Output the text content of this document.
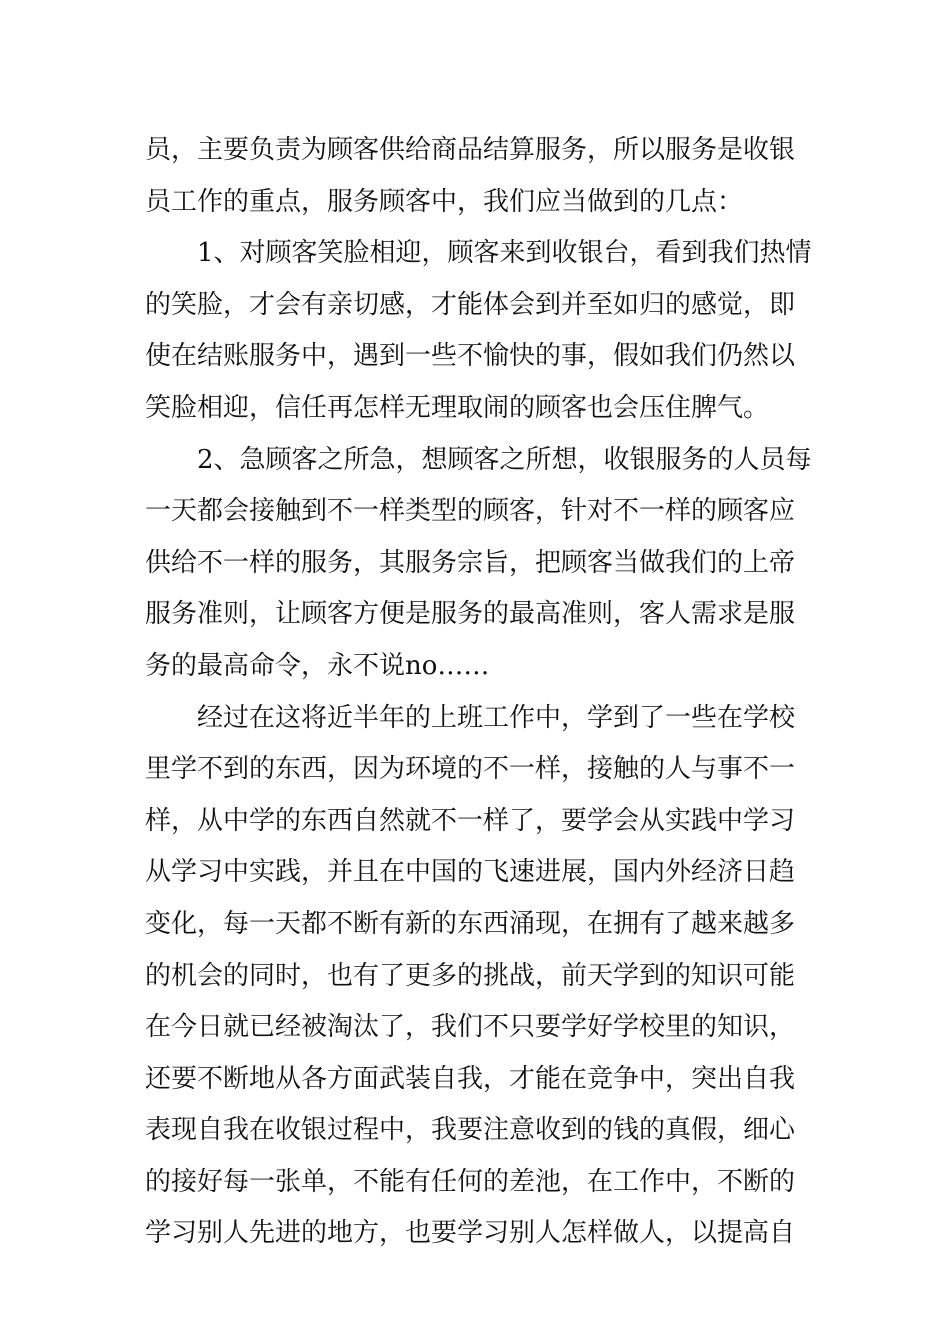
员，主要负责为顾客供给商品结算服务，所以服务是收银
员工作的重点，服务顾客中，我们应当做到的几点：
1、对顾客笑脸相迎，顾客来到收银台，看到我们热情
的笑脸，才会有亲切感，才能体会到并至如归的感觉，即
使在结账服务中，遇到一些不愉快的事，假如我们仍然以
笑脸相迎，信任再怎样无理取闹的顾客也会压住脾气。
2、急顾客之所急，想顾客之所想，收银服务的人员每
一天都会接触到不一样类型的顾客，针对不一样的顾客应
供给不一样的服务，其服务宗旨，把顾客当做我们的上帝
服务准则，让顾客方便是服务的最高准则，客人需求是服
务的最高命令，永不说no……
经过在这将近半年的上班工作中，学到了一些在学校
里学不到的东西，因为环境的不一样，接触的人与事不一
样，从中学的东西自然就不一样了，要学会从实践中学习
从学习中实践，并且在中国的飞速进展，国内外经济日趋
变化，每一天都不断有新的东西涌现，在拥有了越来越多
的机会的同时，也有了更多的挑战，前天学到的知识可能
在今日就已经被淘汰了，我们不只要学好学校里的知识，
还要不断地从各方面武装自我，才能在竞争中，突出自我
表现自我在收银过程中，我要注意收到的钱的真假，细心
的接好每一张单，不能有任何的差池，在工作中，不断的
学习别人先进的地方，也要学习别人怎样做人，以提高自
